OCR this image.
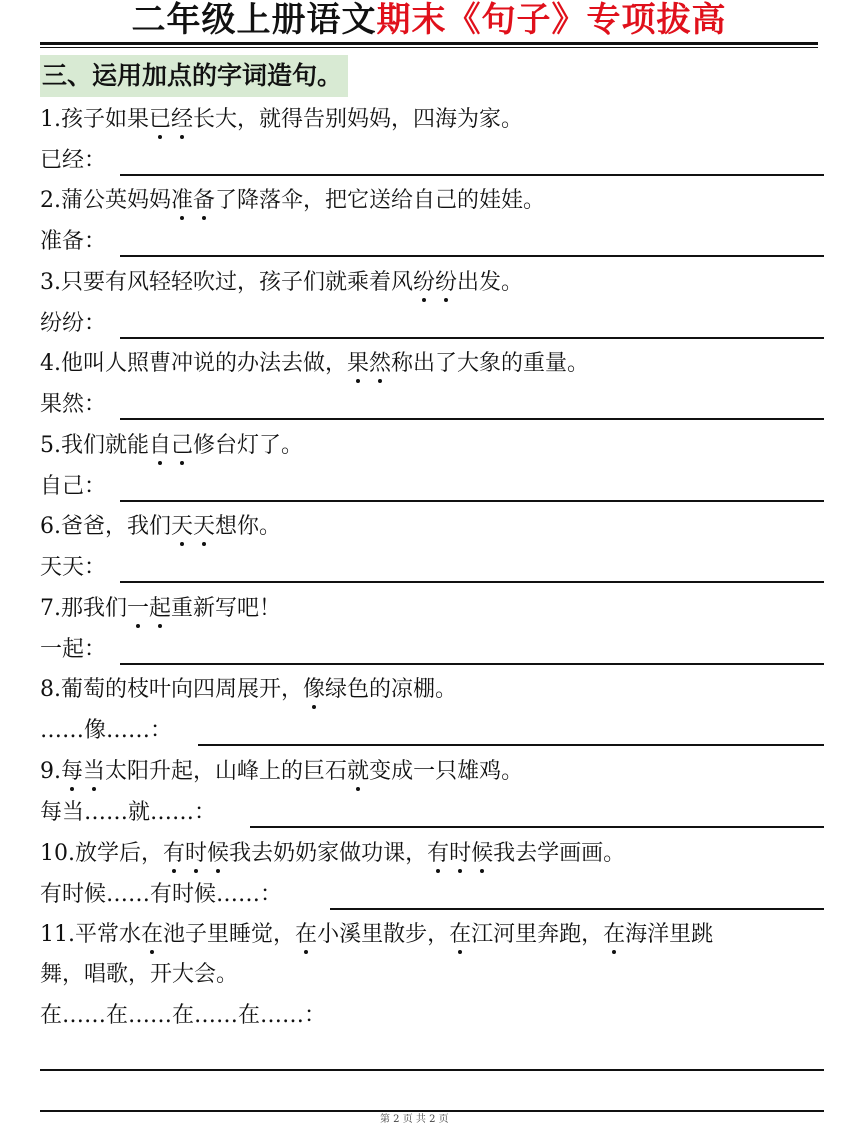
二年级上册语文期末《句子》专项拔高
三、运用加点的字词造句。
1.孩子如果已经长大，就得告别妈妈，四海为家。
已经：
2.蒲公英妈妈准备了降落伞，把它送给自己的娃娃。
准备：
3.只要有风轻轻吹过，孩子们就乘着风纷纷出发。
纷纷：
4.他叫人照曹冲说的办法去做，果然称出了大象的重量。
果然：
5.我们就能自己修台灯了。
自己：
6.爸爸，我们天天想你。
天天：
7.那我们一起重新写吧！
一起：
8.葡萄的枝叶向四周展开，像绿色的凉棚。
……像……：
9.每当太阳升起，山峰上的巨石就变成一只雄鸡。
每当……就……：
10.放学后，有时候我去奶奶家做功课，有时候我去学画画。
有时候……有时候……：
11.平常水在池子里睡觉，在小溪里散步，在江河里奔跑，在海洋里跳
舞，唱歌，开大会。
在……在……在……在……：
第 2 页 共 2 页
